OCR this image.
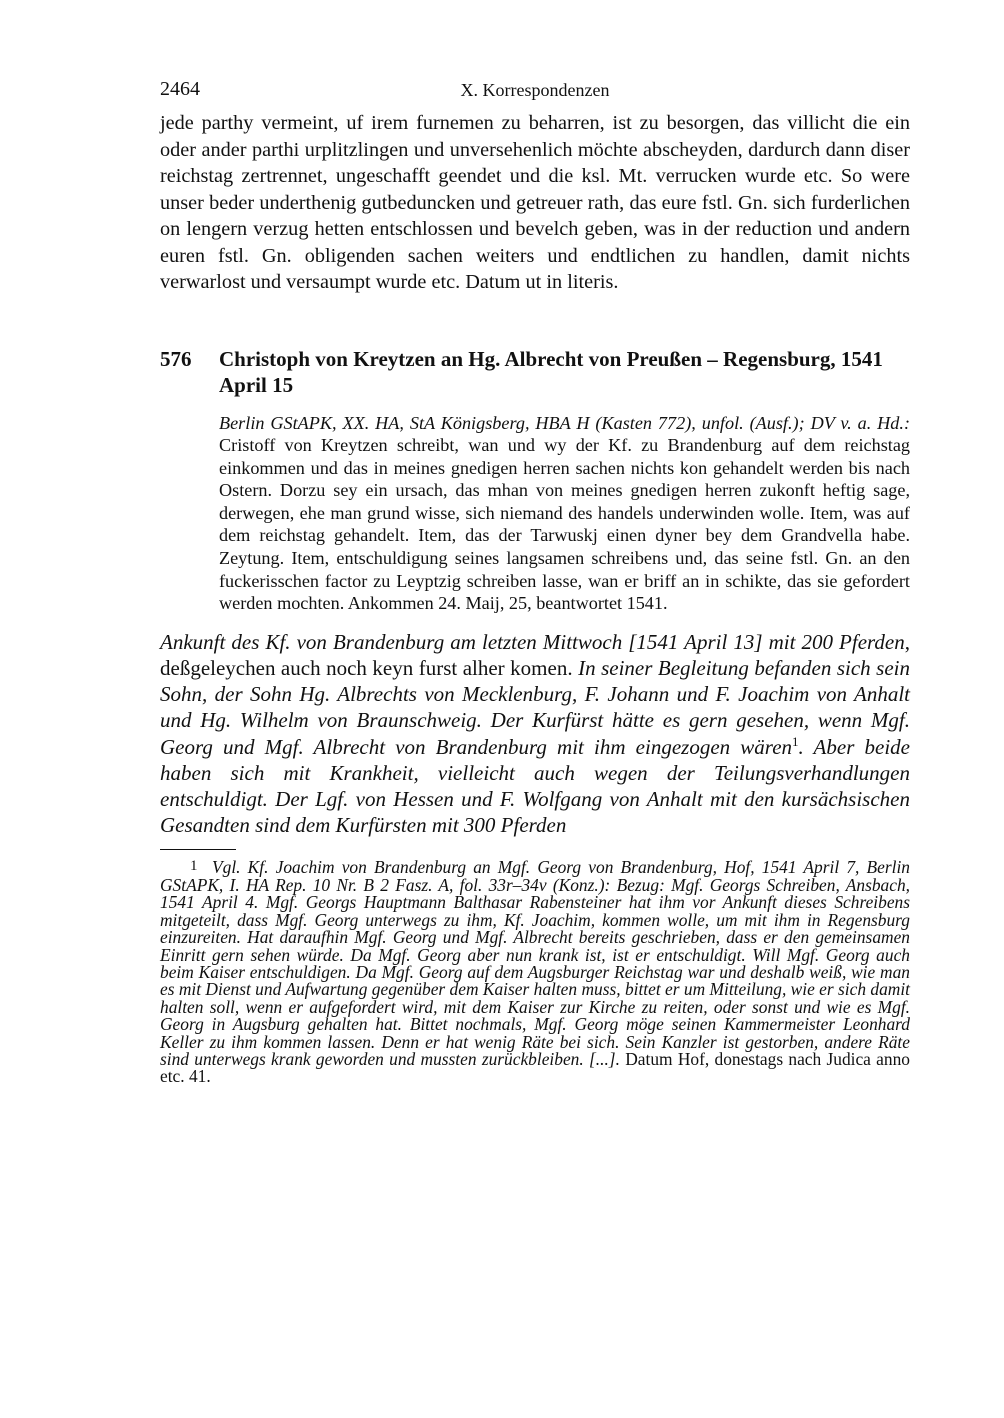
2464	X. Korrespondenzen

jede parthy vermeint, uf irem furnemen zu beharren, ist zu besorgen, das villicht die ein oder ander parthi urplitzlingen und unversehenlich möchte abscheyden, dardurch dann diser reichstag zertrennet, ungeschafft geendet und die ksl. Mt. verrucken wurde etc. So were unser beder underthenig gutbeduncken und getreuer rath, das eure fstl. Gn. sich furderlichen on lengern verzug hetten entschlossen und bevelch geben, was in der reduction und andern euren fstl. Gn. obligenden sachen weiters und endtlichen zu handlen, damit nichts verwarlost und versaumpt wurde etc. Datum ut in literis.

576 Christoph von Kreytzen an Hg. Albrecht von Preußen – Regensburg, 1541 April 15

Berlin GStAPK, XX. HA, StA Königsberg, HBA H (Kasten 772), unfol. (Ausf.); DV v. a. Hd.: Cristoff von Kreytzen schreibt, wan und wy der Kf. zu Brandenburg auf dem reichstag einkommen und das in meines gnedigen herren sachen nichts kon gehandelt werden bis nach Ostern. Dorzu sey ein ursach, das mhan von meines gnedigen herren zukonft heftig sage, derwegen, ehe man grund wisse, sich niemand des handels underwinden wolle. Item, was auf dem reichstag gehandelt. Item, das der Tarwuskj einen dyner bey dem Grandvella habe. Zeytung. Item, entschuldigung seines langsamen schreibens und, das seine fstl. Gn. an den fuckerisschen factor zu Leyptzig schreiben lasse, wan er briff an in schikte, das sie gefordert werden mochten. Ankommen 24. Maij, 25, beantwortet 1541.

Ankunft des Kf. von Brandenburg am letzten Mittwoch [1541 April 13] mit 200 Pferden, deßgeleychen auch noch keyn furst alher komen. In seiner Begleitung befanden sich sein Sohn, der Sohn Hg. Albrechts von Mecklenburg, F. Johann und F. Joachim von Anhalt und Hg. Wilhelm von Braunschweig. Der Kurfürst hätte es gern gesehen, wenn Mgf. Georg und Mgf. Albrecht von Brandenburg mit ihm eingezogen wären$^1$. Aber beide haben sich mit Krankheit, vielleicht auch wegen der Teilungsverhandlungen entschuldigt. Der Lgf. von Hessen und F. Wolfgang von Anhalt mit den kursächsischen Gesandten sind dem Kurfürsten mit 300 Pferden

1 Vgl. Kf. Joachim von Brandenburg an Mgf. Georg von Brandenburg, Hof, 1541 April 7, Berlin GStAPK, I. HA Rep. 10 Nr. B 2 Fasz. A, fol. 33r–34v (Konz.): Bezug: Mgf. Georgs Schreiben, Ansbach, 1541 April 4. Mgf. Georgs Hauptmann Balthasar Rabensteiner hat ihm vor Ankunft dieses Schreibens mitgeteilt, dass Mgf. Georg unterwegs zu ihm, Kf. Joachim, kommen wolle, um mit ihm in Regensburg einzureiten. Hat daraufhin Mgf. Georg und Mgf. Albrecht bereits geschrieben, dass er den gemeinsamen Einritt gern sehen würde. Da Mgf. Georg aber nun krank ist, ist er entschuldigt. Will Mgf. Georg auch beim Kaiser entschuldigen. Da Mgf. Georg auf dem Augsburger Reichstag war und deshalb weiß, wie man es mit Dienst und Aufwartung gegenüber dem Kaiser halten muss, bittet er um Mitteilung, wie er sich damit halten soll, wenn er aufgefordert wird, mit dem Kaiser zur Kirche zu reiten, oder sonst und wie es Mgf. Georg in Augsburg gehalten hat. Bittet nochmals, Mgf. Georg möge seinen Kammermeister Leonhard Keller zu ihm kommen lassen. Denn er hat wenig Räte bei sich. Sein Kanzler ist gestorben, andere Räte sind unterwegs krank geworden und mussten zurückbleiben. [...]. Datum Hof, donestags nach Judica anno etc. 41.
